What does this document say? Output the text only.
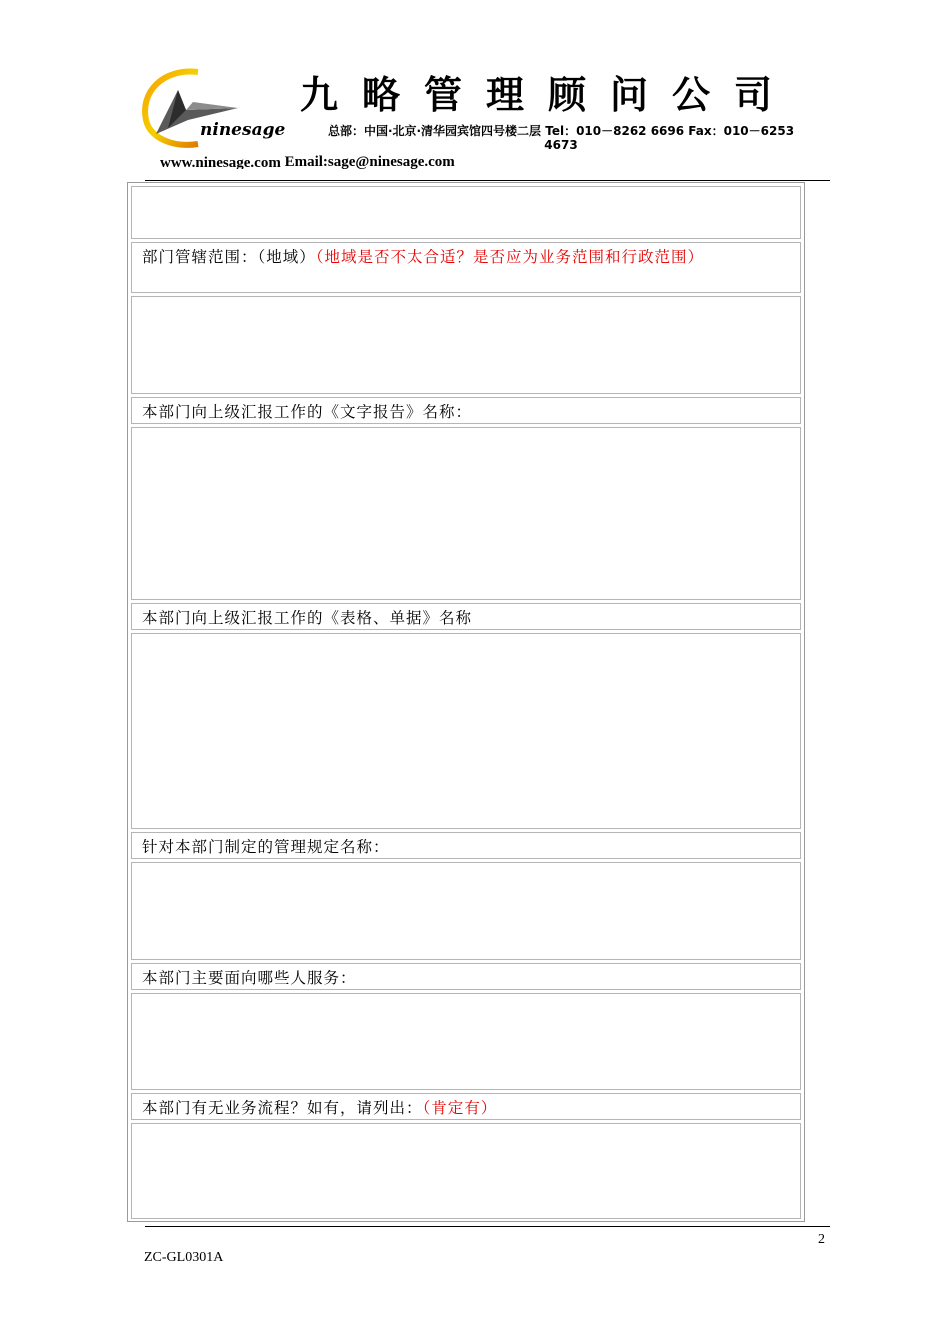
ninesage
九略管理顾问公司
总部：中国·北京·清华园宾馆四号楼二层 Tel：010－8262 6696 Fax：010－6253
4673
www.ninesage.com Email:sage@ninesage.com
部门管辖范围：（地域）（地域是否不太合适？是否应为业务范围和行政范围）
本部门向上级汇报工作的《文字报告》名称：
本部门向上级汇报工作的《表格、单据》名称
针对本部门制定的管理规定名称：
本部门主要面向哪些人服务：
本部门有无业务流程？如有，请列出：（肯定有）
2
ZC-GL0301A
